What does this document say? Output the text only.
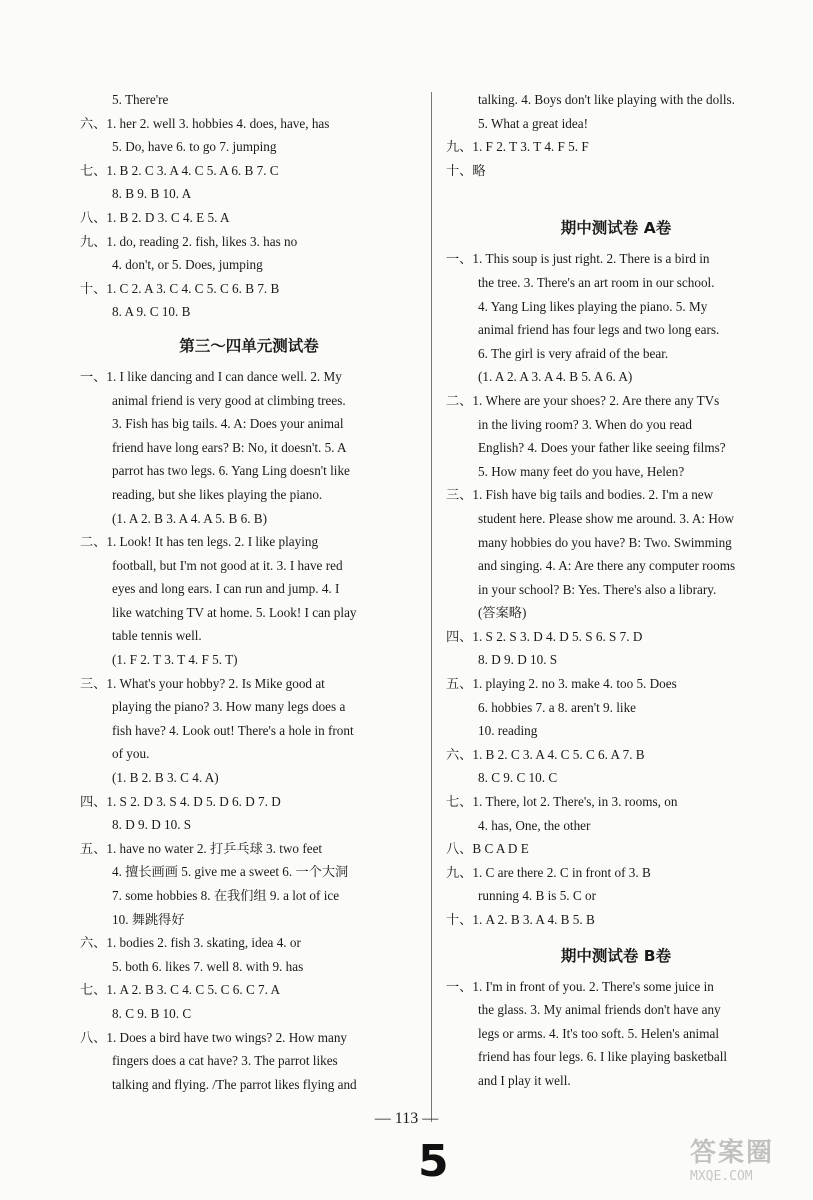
5. There're
六、1. her 2. well 3. hobbies 4. does, have, has
5. Do, have 6. to go 7. jumping
七、1. B 2. C 3. A 4. C 5. A 6. B 7. C
8. B 9. B 10. A
八、1. B 2. D 3. C 4. E 5. A
九、1. do, reading 2. fish, likes 3. has no
4. don't, or 5. Does, jumping
十、1. C 2. A 3. C 4. C 5. C 6. B 7. B
8. A 9. C 10. B
第三～四单元测试卷
一、1. I like dancing and I can dance well. 2. My
animal friend is very good at climbing trees.
3. Fish has big tails. 4. A: Does your animal
friend have long ears? B: No, it doesn't. 5. A
parrot has two legs. 6. Yang Ling doesn't like
reading, but she likes playing the piano.
(1. A 2. B 3. A 4. A 5. B 6. B)
二、1. Look! It has ten legs. 2. I like playing
football, but I'm not good at it. 3. I have red
eyes and long ears. I can run and jump. 4. I
like watching TV at home. 5. Look! I can play
table tennis well.
(1. F 2. T 3. T 4. F 5. T)
三、1. What's your hobby? 2. Is Mike good at
playing the piano? 3. How many legs does a
fish have? 4. Look out! There's a hole in front
of you.
(1. B 2. B 3. C 4. A)
四、1. S 2. D 3. S 4. D 5. D 6. D 7. D
8. D 9. D 10. S
五、1. have no water 2. 打乒乓球 3. two feet
4. 擅长画画 5. give me a sweet 6. 一个大洞
7. some hobbies 8. 在我们组 9. a lot of ice
10. 舞跳得好
六、1. bodies 2. fish 3. skating, idea 4. or
5. both 6. likes 7. well 8. with 9. has
七、1. A 2. B 3. C 4. C 5. C 6. C 7. A
8. C 9. B 10. C
八、1. Does a bird have two wings? 2. How many
fingers does a cat have? 3. The parrot likes
talking and flying. /The parrot likes flying and
talking. 4. Boys don't like playing with the dolls.
5. What a great idea!
九、1. F 2. T 3. T 4. F 5. F
十、略
期中测试卷 A卷
一、1. This soup is just right. 2. There is a bird in
the tree. 3. There's an art room in our school.
4. Yang Ling likes playing the piano. 5. My
animal friend has four legs and two long ears.
6. The girl is very afraid of the bear.
(1. A 2. A 3. A 4. B 5. A 6. A)
二、1. Where are your shoes? 2. Are there any TVs
in the living room? 3. When do you read
English? 4. Does your father like seeing films?
5. How many feet do you have, Helen?
三、1. Fish have big tails and bodies. 2. I'm a new
student here. Please show me around. 3. A: How
many hobbies do you have? B: Two. Swimming
and singing. 4. A: Are there any computer rooms
in your school? B: Yes. There's also a library.
(答案略)
四、1. S 2. S 3. D 4. D 5. S 6. S 7. D
8. D 9. D 10. S
五、1. playing 2. no 3. make 4. too 5. Does
6. hobbies 7. a 8. aren't 9. like
10. reading
六、1. B 2. C 3. A 4. C 5. C 6. A 7. B
8. C 9. C 10. C
七、1. There, lot 2. There's, in 3. rooms, on
4. has, One, the other
八、B C A D E
九、1. C are there 2. C in front of 3. B
running 4. B is 5. C or
十、1. A 2. B 3. A 4. B 5. B
期中测试卷 B卷
一、1. I'm in front of you. 2. There's some juice in
the glass. 3. My animal friends don't have any
legs or arms. 4. It's too soft. 5. Helen's animal
friend has four legs. 6. I like playing basketball
and I play it well.
— 113 —
5	答案圈
MXQE.COM
